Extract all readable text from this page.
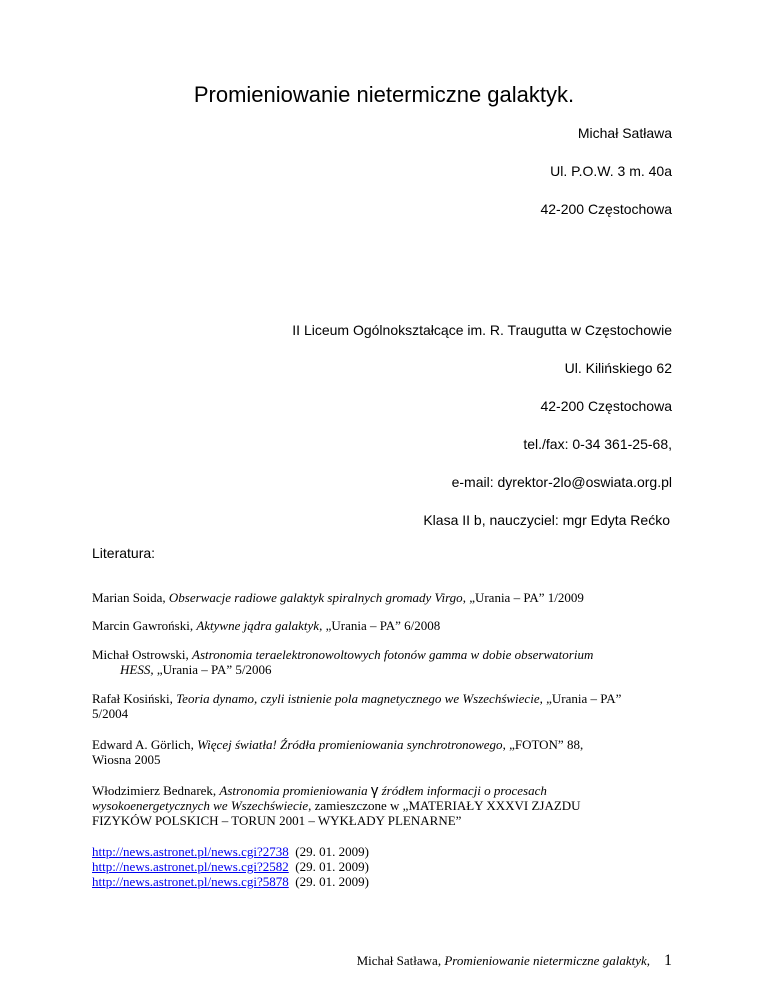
Promieniowanie nietermiczne galaktyk.
Michał Satława
Ul. P.O.W. 3 m. 40a
42-200 Częstochowa
II Liceum Ogólnokształcące im. R. Traugutta w Częstochowie
Ul. Kilińskiego 62
42-200 Częstochowa
tel./fax: 0-34 361-25-68,
e-mail: dyrektor-2lo@oswiata.org.pl
Klasa II b, nauczyciel: mgr Edyta Rećko
Literatura:
Marian Soida, Obserwacje radiowe galaktyk spiralnych gromady Virgo, „Urania – PA” 1/2009
Marcin Gawroński, Aktywne jądra galaktyk, „Urania – PA” 6/2008
Michał Ostrowski, Astronomia teraelektronowoltowych fotonów gamma w dobie obserwatorium
HESS, „Urania – PA” 5/2006
Rafał Kosiński, Teoria dynamo, czyli istnienie pola magnetycznego we Wszechświecie, „Urania – PA”
5/2004
Edward A. Görlich, Więcej światła! Źródła promieniowania synchrotronowego, „FOTON” 88,
Wiosna 2005
Włodzimierz Bednarek, Astronomia promieniowania γ źródłem informacji o procesach
wysokoenergetycznych we Wszechświecie, zamieszczone w „MATERIAŁY XXXVI ZJAZDU
FIZYKÓW POLSKICH – TORUN 2001 – WYKŁADY PLENARNE”
http://news.astronet.pl/news.cgi?2738 (29. 01. 2009)
http://news.astronet.pl/news.cgi?2582 (29. 01. 2009)
http://news.astronet.pl/news.cgi?5878 (29. 01. 2009)
Michał Satława, Promieniowanie nietermiczne galaktyk, 1
